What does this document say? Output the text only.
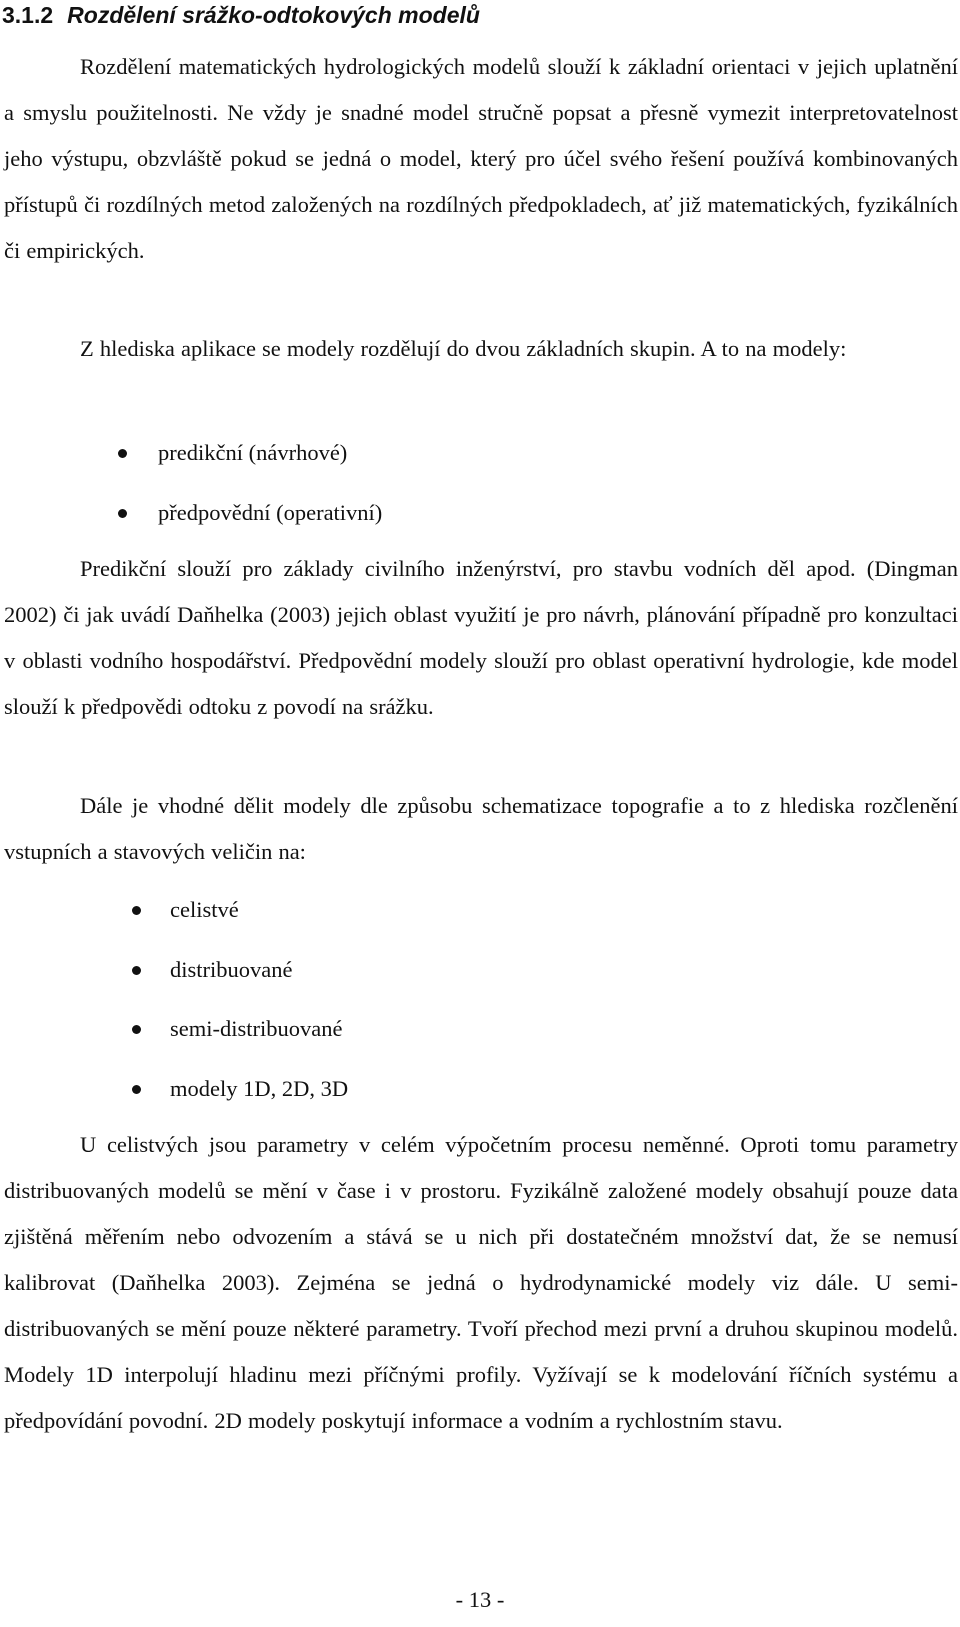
3.1.2 Rozdělení srážko-odtokových modelů

Rozdělení matematických hydrologických modelů slouží k základní orientaci v jejich uplatnění a smyslu použitelnosti. Ne vždy je snadné model stručně popsat a přesně vymezit interpretovatelnost jeho výstupu, obzvláště pokud se jedná o model, který pro účel svého řešení používá kombinovaných přístupů či rozdílných metod založených na rozdílných předpokladech, ať již matematických, fyzikálních či empirických.

Z hlediska aplikace se modely rozdělují do dvou základních skupin. A to na modely:

predikční (návrhové)
předpovědní (operativní)

Predikční slouží pro základy civilního inženýrství, pro stavbu vodních děl apod. (Dingman 2002) či jak uvádí Daňhelka (2003) jejich oblast využití je pro návrh, plánování případně pro konzultaci v oblasti vodního hospodářství. Předpovědní modely slouží pro oblast operativní hydrologie, kde model slouží k předpovědi odtoku z povodí na srážku.

Dále je vhodné dělit modely dle způsobu schematizace topografie a to z hlediska rozčlenění vstupních a stavových veličin na:

celistvé
distribuované
semi-distribuované
modely 1D, 2D, 3D

U celistvých jsou parametry v celém výpočetním procesu neměnné. Oproti tomu parametry distribuovaných modelů se mění v čase i v prostoru. Fyzikálně založené modely obsahují pouze data zjištěná měřením nebo odvozením a stává se u nich při dostatečném množství dat, že se nemusí kalibrovat (Daňhelka 2003). Zejména se jedná o hydrodynamické modely viz dále. U semi-distribuovaných se mění pouze některé parametry. Tvoří přechod mezi první a druhou skupinou modelů. Modely 1D interpolují hladinu mezi příčnými profily. Vyžívají se k modelování říčních systému a předpovídání povodní. 2D modely poskytují informace a vodním a rychlostním stavu.

- 13 -
